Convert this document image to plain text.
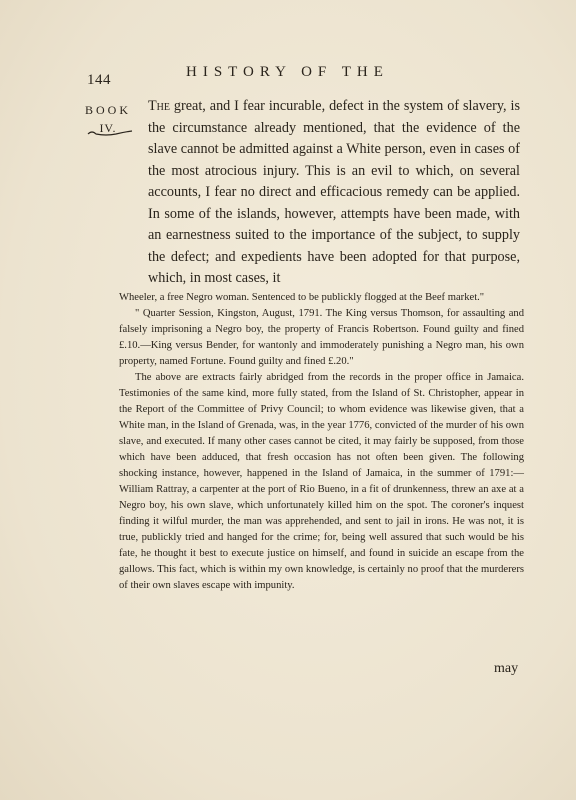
144	HISTORY OF THE
BOOK
IV.

The great, and I fear incurable, defect in the system of slavery, is the circumstance already mentioned, that the evidence of the slave cannot be admitted against a White person, even in cases of the most atrocious injury. This is an evil to which, on several accounts, I fear no direct and efficacious remedy can be applied. In some of the islands, however, attempts have been made, with an earnestness suited to the importance of the subject, to supply the defect; and expedients have been adopted for that purpose, which, in most cases, it

Wheeler, a free Negro woman. Sentenced to be publickly flogged at the Beef market."

" Quarter Session, Kingston, August, 1791. The King versus Thomson, for assaulting and falsely imprisoning a Negro boy, the property of Francis Robertson. Found guilty and fined £.10.—King versus Bender, for wantonly and immoderately punishing a Negro man, his own property, named Fortune. Found guilty and fined £.20."

The above are extracts fairly abridged from the records in the proper office in Jamaica. Testimonies of the same kind, more fully stated, from the Island of St. Christopher, appear in the Report of the Committee of Privy Council; to whom evidence was likewise given, that a White man, in the Island of Grenada, was, in the year 1776, convicted of the murder of his own slave, and executed. If many other cases cannot be cited, it may fairly be supposed, from those which have been adduced, that fresh occasion has not often been given. The following shocking instance, however, happened in the Island of Jamaica, in the summer of 1791:—William Rattray, a carpenter at the port of Rio Bueno, in a fit of drunkenness, threw an axe at a Negro boy, his own slave, which unfortunately killed him on the spot. The coroner's inquest finding it wilful murder, the man was apprehended, and sent to jail in irons. He was not, it is true, publickly tried and hanged for the crime; for, being well assured that such would be his fate, he thought it best to execute justice on himself, and found in suicide an escape from the gallows. This fact, which is within my own knowledge, is certainly no proof that the murderers of their own slaves escape with impunity.

may
